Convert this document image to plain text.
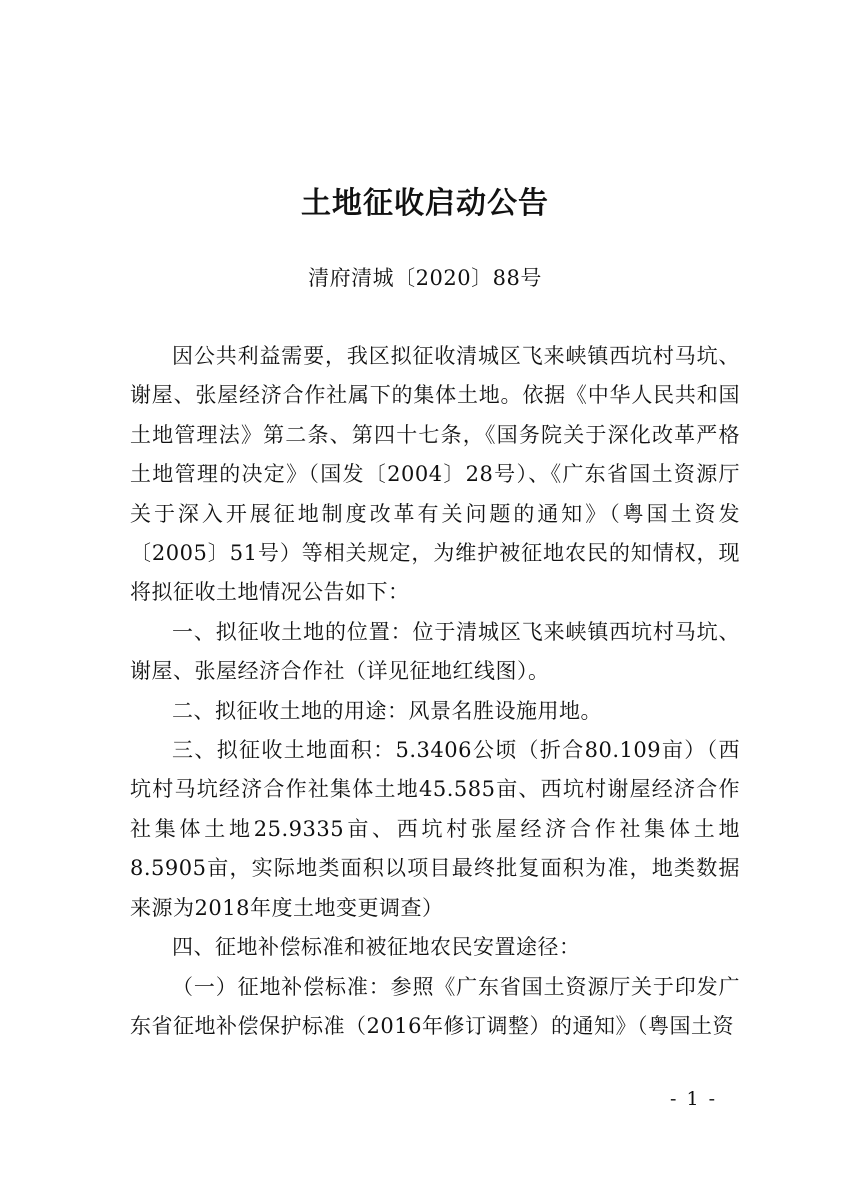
土地征收启动公告
清府清城〔2020〕88号

因公共利益需要，我区拟征收清城区飞来峡镇西坑村马坑、谢屋、张屋经济合作社属下的集体土地。依据《中华人民共和国土地管理法》第二条、第四十七条，《国务院关于深化改革严格土地管理的决定》（国发〔2004〕28号）、《广东省国土资源厅关于深入开展征地制度改革有关问题的通知》（粤国土资发〔2005〕51号）等相关规定，为维护被征地农民的知情权，现将拟征收土地情况公告如下：

一、拟征收土地的位置：位于清城区飞来峡镇西坑村马坑、谢屋、张屋经济合作社（详见征地红线图）。

二、拟征收土地的用途：风景名胜设施用地。

三、拟征收土地面积：5.3406公顷（折合80.109亩）（西坑村马坑经济合作社集体土地45.585亩、西坑村谢屋经济合作社集体土地25.9335亩、西坑村张屋经济合作社集体土地8.5905亩，实际地类面积以项目最终批复面积为准，地类数据来源为2018年度土地变更调查）

四、征地补偿标准和被征地农民安置途径：

（一）征地补偿标准：参照《广东省国土资源厅关于印发广东省征地补偿保护标准（2016年修订调整）的通知》（粤国土资

- 1 -
